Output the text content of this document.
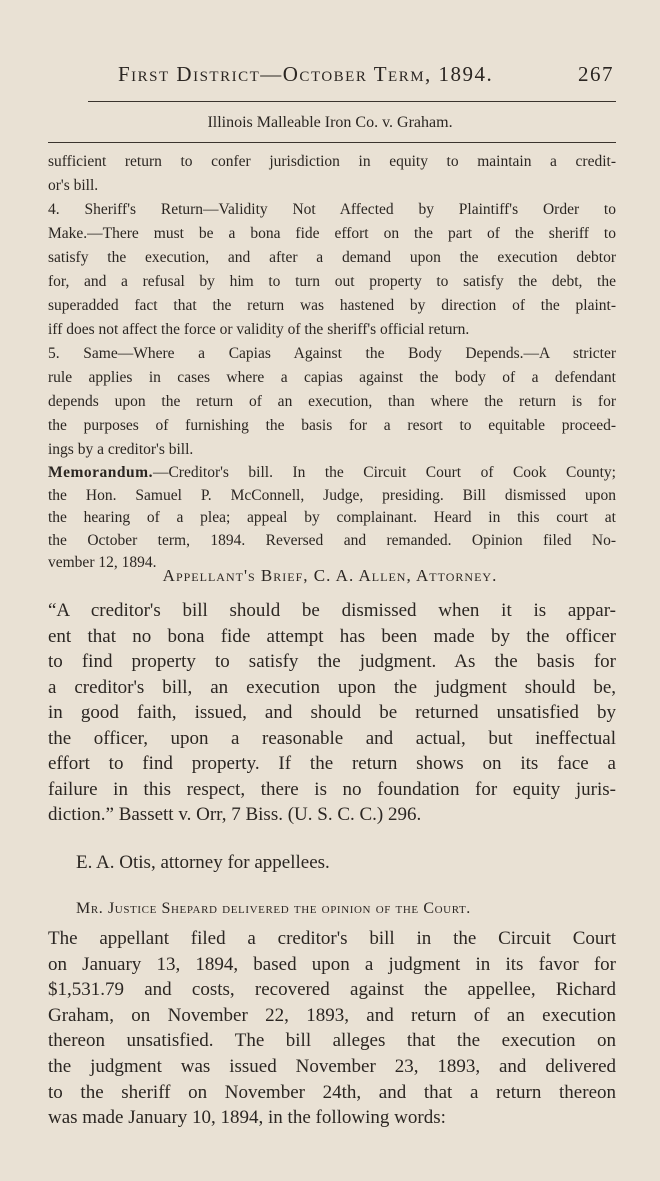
First District—October Term, 1894.	267
Illinois Malleable Iron Co. v. Graham.
sufficient return to confer jurisdiction in equity to maintain a credit-
or's bill.
4. Sheriff's Return—Validity Not Affected by Plaintiff's Order to
Make.—There must be a bona fide effort on the part of the sheriff to
satisfy the execution, and after a demand upon the execution debtor
for, and a refusal by him to turn out property to satisfy the debt, the
superadded fact that the return was hastened by direction of the plaint-
iff does not affect the force or validity of the sheriff's official return.
5. Same—Where a Capias Against the Body Depends.—A stricter
rule applies in cases where a capias against the body of a defendant
depends upon the return of an execution, than where the return is for
the purposes of furnishing the basis for a resort to equitable proceed-
ings by a creditor's bill.
Memorandum.—Creditor's bill. In the Circuit Court of Cook County;
the Hon. Samuel P. McConnell, Judge, presiding. Bill dismissed upon
the hearing of a plea; appeal by complainant. Heard in this court at
the October term, 1894. Reversed and remanded. Opinion filed No-
vember 12, 1894.
Appellant's Brief, C. A. Allen, Attorney.
“A creditor's bill should be dismissed when it is appar-
ent that no bona fide attempt has been made by the officer
to find property to satisfy the judgment. As the basis for
a creditor's bill, an execution upon the judgment should be,
in good faith, issued, and should be returned unsatisfied by
the officer, upon a reasonable and actual, but ineffectual
effort to find property. If the return shows on its face a
failure in this respect, there is no foundation for equity juris-
diction.” Bassett v. Orr, 7 Biss. (U. S. C. C.) 296.
E. A. Otis, attorney for appellees.
Mr. Justice Shepard delivered the opinion of the Court.
The appellant filed a creditor's bill in the Circuit Court
on January 13, 1894, based upon a judgment in its favor for
$1,531.79 and costs, recovered against the appellee, Richard
Graham, on November 22, 1893, and return of an execution
thereon unsatisfied. The bill alleges that the execution on
the judgment was issued November 23, 1893, and delivered
to the sheriff on November 24th, and that a return thereon
was made January 10, 1894, in the following words:
